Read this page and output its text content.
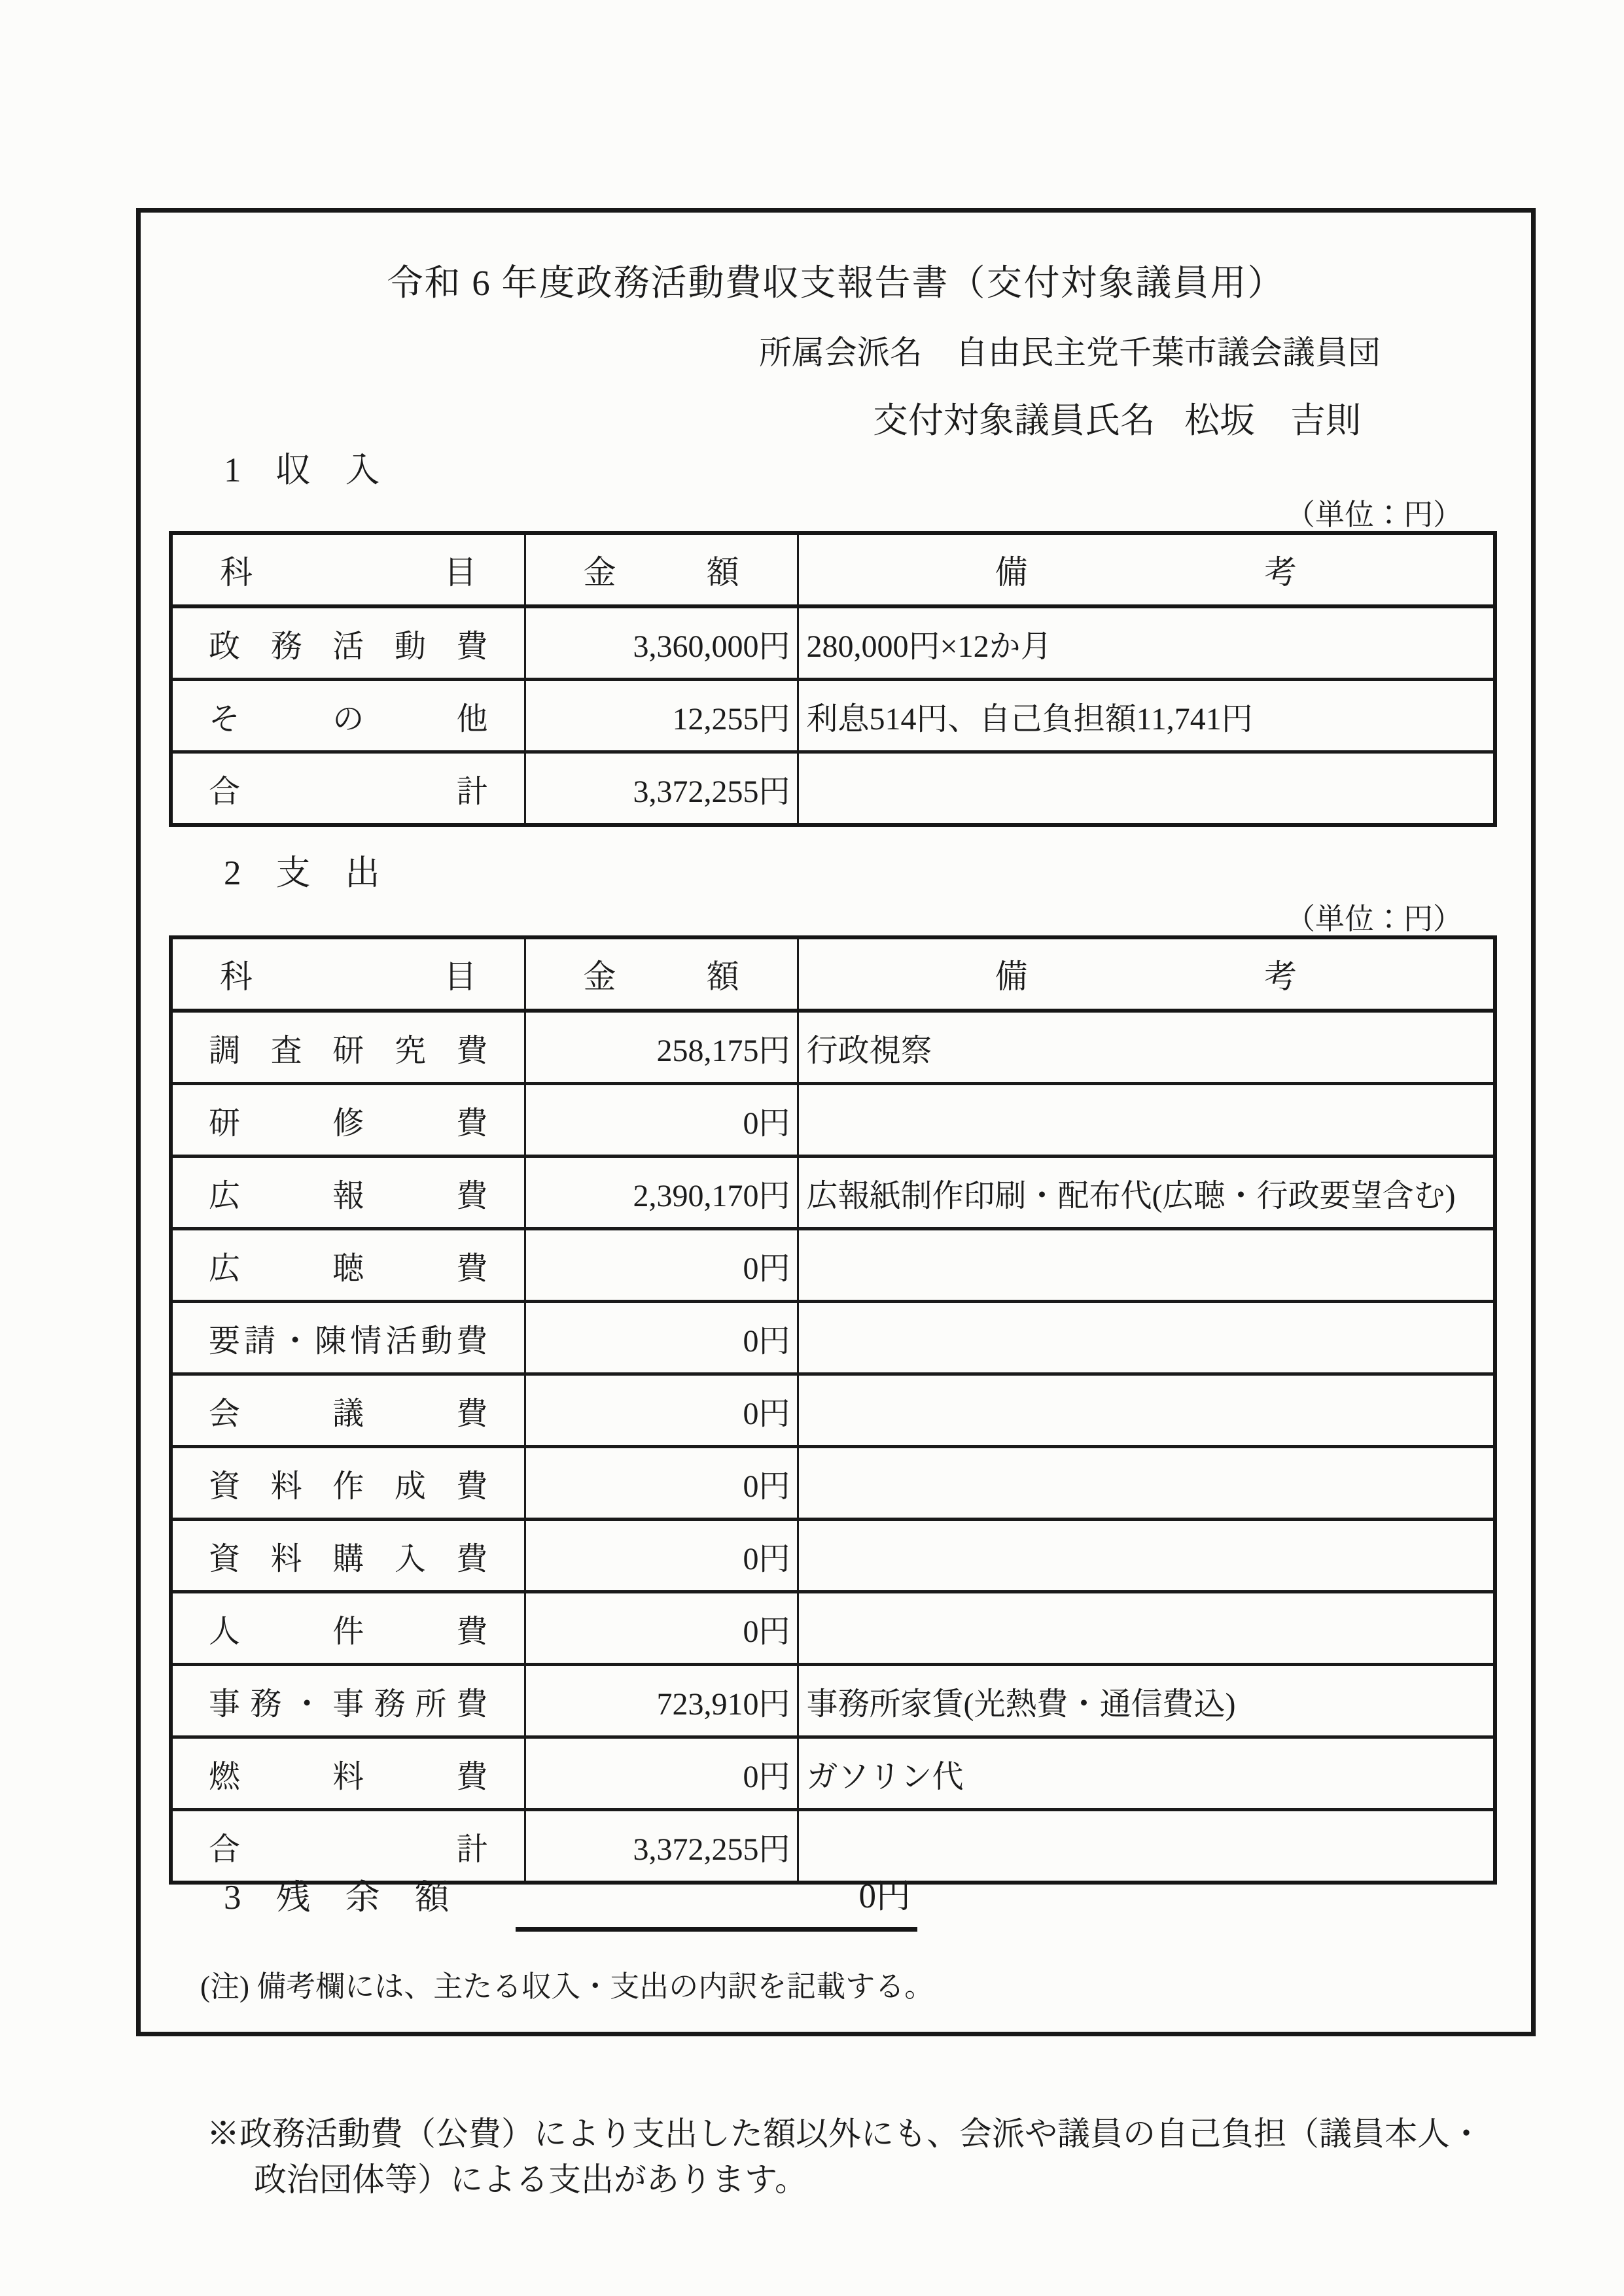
令和 6 年度政務活動費収支報告書（交付対象議員用）
所属会派名 自由民主党千葉市議会議員団
交付対象議員氏名 松坂　吉則
1　収　入
（単位：円）
科目	金額	備考
政務活動費	3,360,000円	280,000円×12か月
その他	12,255円	利息514円、自己負担額11,741円
合計	3,372,255円	
2　支　出
（単位：円）
科目	金額	備考
調査研究費	258,175円	行政視察
研修費	0円	
広報費	2,390,170円	広報紙制作印刷・配布代(広聴・行政要望含む)
広聴費	0円	
要請・陳情活動費	0円	
会議費	0円	
資料作成費	0円	
資料購入費	0円	
人件費	0円	
事務・事務所費	723,910円	事務所家賃(光熱費・通信費込)
燃料費	0円	ガソリン代
合計	3,372,255円	
3　残　余　額	0円
(注) 備考欄には、主たる収入・支出の内訳を記載する。
※政務活動費（公費）により支出した額以外にも、会派や議員の自己負担（議員本人・
政治団体等）による支出があります。
